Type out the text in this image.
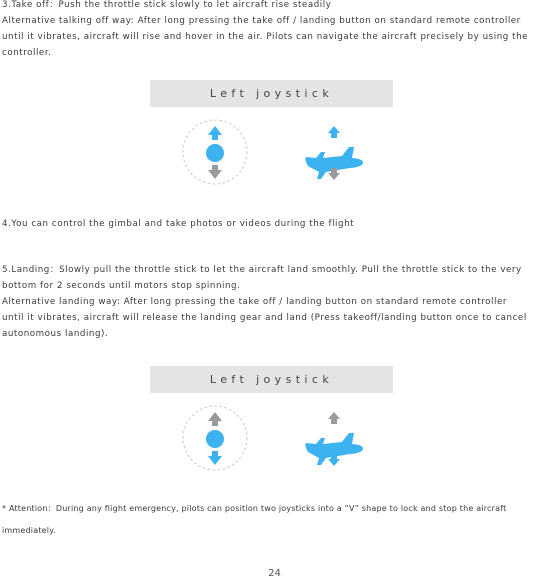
3.Take off：Push the throttle stick slowly to let aircraft rise steadily
Alternative talking off way: After long pressing the take off / landing button on standard remote controller
until it vibrates, aircraft will rise and hover in the air. Pilots can navigate the aircraft precisely by using the
controller.
Left joystick
4.You can control the gimbal and take photos or videos during the flight
5.Landing：Slowly pull the throttle stick to let the aircraft land smoothly. Pull the throttle stick to the very
bottom for 2 seconds until motors stop spinning.
Alternative landing way: After long pressing the take off / landing button on standard remote controller
until it vibrates, aircraft will release the landing gear and land (Press takeoff/landing button once to cancel
autonomous landing).
Left joystick
* Attention：During any flight emergency, pilots can position two joysticks into a “V” shape to lock and stop the aircraft
immediately.
24
